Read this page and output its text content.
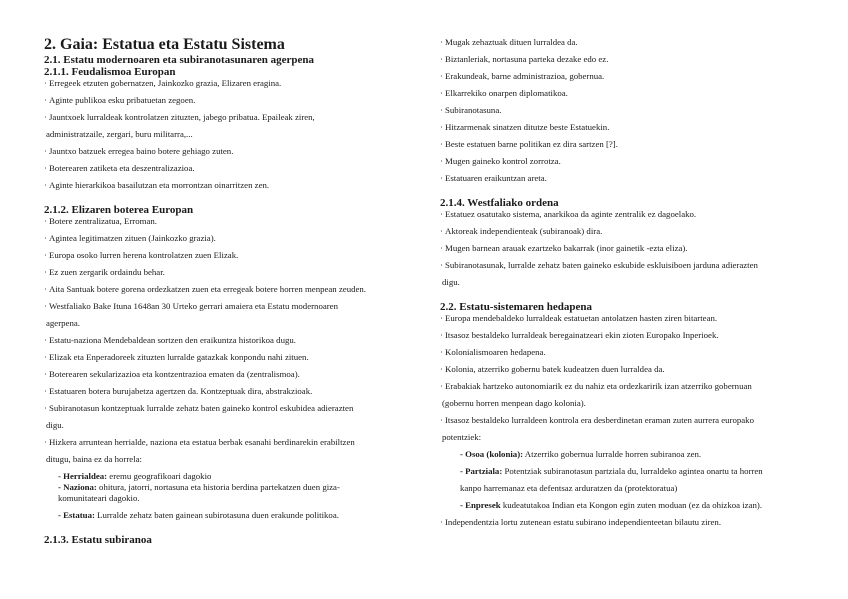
2. Gaia: Estatua eta Estatu Sistema
2.1. Estatu modernoaren eta subiranotasunaren agerpena
2.1.1. Feudalismoa Europan
· Erregeek etzuten gobernatzen, Jainkozko grazia, Elizaren eragina.
· Aginte publikoa esku pribatuetan zegoen.
· Jauntxoek lurraldeak kontrolatzen zituzten, jabego pribatua. Epaileak ziren,
administratzaile, zergari, buru militarra,...
· Jauntxo batzuek erregea baino botere gehiago zuten.
· Boterearen zatiketa eta deszentralizazioa.
· Aginte hierarkikoa basailutzan eta morrontzan oinarritzen zen.
2.1.2. Elizaren boterea Europan
· Botere zentralizatua, Erroman.
· Agintea legitimatzen zituen (Jainkozko grazia).
· Europa osoko lurren herena kontrolatzen zuen Elizak.
· Ez zuen zergarik ordaindu behar.
· Aita Santuak botere gorena ordezkatzen zuen eta erregeak botere horren menpean zeuden.
· Westfaliako Bake Ituna 1648an 30 Urteko gerrari amaiera eta Estatu modernoaren
agerpena.
· Estatu-naziona Mendebaldean sortzen den eraikuntza historikoa dugu.
· Elizak eta Enperadoreek zituzten lurralde gatazkak konpondu nahi zituen.
· Boterearen sekularizazioa eta kontzentrazioa ematen da (zentralismoa).
· Estatuaren botera burujabetza agertzen da. Kontzeptuak dira, abstrakzioak.
· Subiranotasun kontzeptuak lurralde zehatz baten gaineko kontrol eskubidea adierazten
digu.
· Hizkera arruntean herrialde, naziona eta estatua berbak esanahi berdinarekin erabiltzen
ditugu, baina ez da horrela:
- Herrialdea: eremu geografikoari dagokio
- Naziona: ohitura, jatorri, nortasuna eta historia berdina partekatzen duen giza-
komunitateari dagokio.
- Estatua: Lurralde zehatz baten gainean subirotasuna duen erakunde politikoa.
2.1.3. Estatu subiranoa
· Mugak zehaztuak dituen lurraldea da.
· Biztanleriak, nortasuna parteka dezake edo ez.
· Erakundeak, barne administrazioa, gobernua.
· Elkarrekiko onarpen diplomatikoa.
· Subiranotasuna.
· Hitzarmenak sinatzen ditutze beste Estatuekin.
· Beste estatuen barne politikan ez dira sartzen [?].
· Mugen gaineko kontrol zorrotza.
· Estatuaren eraikuntzan areta.
2.1.4. Westfaliako ordena
· Estatuez osatutako sistema, anarkikoa da aginte zentralik ez dagoelako.
· Aktoreak independienteak (subiranoak) dira.
· Mugen barnean arauak ezartzeko bakarrak (inor gainetik -ezta eliza).
· Subiranotasunak, lurralde zehatz baten gaineko eskubide eskluisiboen jarduna adierazten
digu.
2.2. Estatu-sistemaren hedapena
· Europa mendebaldeko lurraldeak estatuetan antolatzen hasten ziren bitartean.
· Itsasoz bestaldeko lurraldeak beregainatzeari ekin zioten Europako Inperioek.
· Kolonialismoaren hedapena.
· Kolonia, atzerriko gobernu batek kudeatzen duen lurraldea da.
· Erabakiak hartzeko autonomiarik ez du nahiz eta ordezkaririk izan atzerriko gobernuan
(gobernu horren menpean dago kolonia).
· Itsasoz bestaldeko lurraldeen kontrola era desberdinetan eraman zuten aurrera europako
potentziek:
- Osoa (kolonia): Atzerriko gobernua lurralde horren subiranoa zen.
- Partziala: Potentziak subiranotasun partziala du, lurraldeko agintea onartu ta horren
kanpo harremanaz eta defentsaz arduratzen da (protektoratua)
- Enpresek kudeatutakoa Indian eta Kongon egin zuten moduan (ez da ohizkoa izan).
· Independentzia lortu zutenean estatu subirano independienteetan bilautu ziren.
